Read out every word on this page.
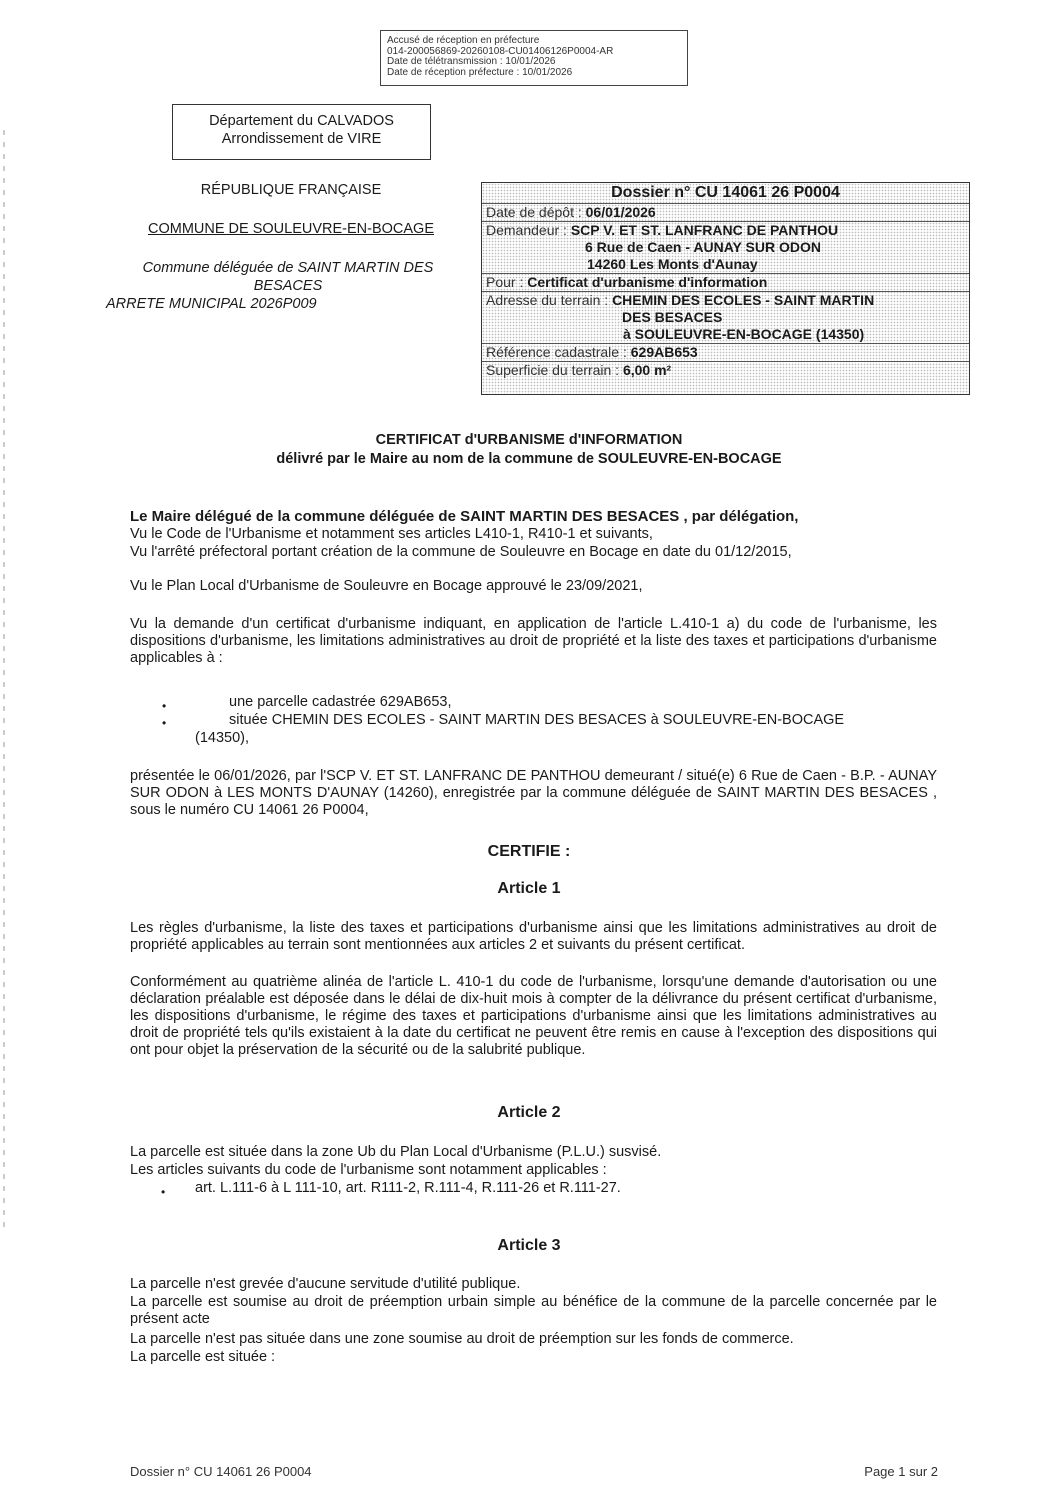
Accusé de réception en préfecture
014-200056869-20260108-CU01406126P0004-AR
Date de télétransmission : 10/01/2026
Date de réception préfecture : 10/01/2026
Département du CALVADOS
Arrondissement de VIRE
RÉPUBLIQUE FRANÇAISE
COMMUNE DE SOULEUVRE-EN-BOCAGE
Commune déléguée de SAINT MARTIN DES BESACES
ARRETE MUNICIPAL 2026P009
Dossier n° CU 14061 26 P0004
Date de dépôt : 06/01/2026
Demandeur : SCP V. ET ST. LANFRANC DE PANTHOU
6 Rue de Caen - AUNAY SUR ODON
14260 Les Monts d'Aunay
Pour : Certificat d'urbanisme d'information
Adresse du terrain : CHEMIN DES ECOLES - SAINT MARTIN
DES BESACES
à SOULEUVRE-EN-BOCAGE (14350)
Référence cadastrale : 629AB653
Superficie du terrain : 6,00 m²
CERTIFICAT d'URBANISME d'INFORMATION
délivré par le Maire au nom de la commune de SOULEUVRE-EN-BOCAGE
Le Maire délégué de la commune déléguée de SAINT MARTIN DES BESACES , par délégation,
Vu le Code de l'Urbanisme et notamment ses articles L410-1, R410-1 et suivants,
Vu l'arrêté préfectoral portant création de la commune de Souleuvre en Bocage en date du 01/12/2015,
Vu le Plan Local d'Urbanisme de Souleuvre en Bocage approuvé le 23/09/2021,
Vu la demande d'un certificat d'urbanisme indiquant, en application de l'article L.410-1 a) du code de l'urbanisme, les dispositions d'urbanisme, les limitations administratives au droit de propriété et la liste des taxes et participations d'urbanisme applicables à :
•	une parcelle cadastrée 629AB653,
•	située CHEMIN DES ECOLES - SAINT MARTIN DES BESACES à SOULEUVRE-EN-BOCAGE
(14350),
présentée le 06/01/2026, par l'SCP V. ET ST. LANFRANC DE PANTHOU demeurant / situé(e) 6 Rue de Caen - B.P. - AUNAY SUR ODON à LES MONTS D'AUNAY (14260), enregistrée par la commune déléguée de SAINT MARTIN DES BESACES , sous le numéro CU 14061 26 P0004,
CERTIFIE :
Article 1
Les règles d'urbanisme, la liste des taxes et participations d'urbanisme ainsi que les limitations administratives au droit de propriété applicables au terrain sont mentionnées aux articles 2 et suivants du présent certificat.
Conformément au quatrième alinéa de l'article L. 410-1 du code de l'urbanisme, lorsqu'une demande d'autorisation ou une déclaration préalable est déposée dans le délai de dix-huit mois à compter de la délivrance du présent certificat d'urbanisme, les dispositions d'urbanisme, le régime des taxes et participations d'urbanisme ainsi que les limitations administratives au droit de propriété tels qu'ils existaient à la date du certificat ne peuvent être remis en cause à l'exception des dispositions qui ont pour objet la préservation de la sécurité ou de la salubrité publique.
Article 2
La parcelle est située dans la zone Ub du Plan Local d'Urbanisme (P.L.U.) susvisé.
Les articles suivants du code de l'urbanisme sont notamment applicables :
• art. L.111-6 à L 111-10, art. R111-2, R.111-4, R.111-26 et R.111-27.
Article 3
La parcelle n'est grevée d'aucune servitude d'utilité publique.
La parcelle est soumise au droit de préemption urbain simple au bénéfice de la commune de la parcelle concernée par le présent acte
La parcelle n'est pas située dans une zone soumise au droit de préemption sur les fonds de commerce.
La parcelle est située :
Dossier n° CU 14061 26 P0004	Page 1 sur 2
